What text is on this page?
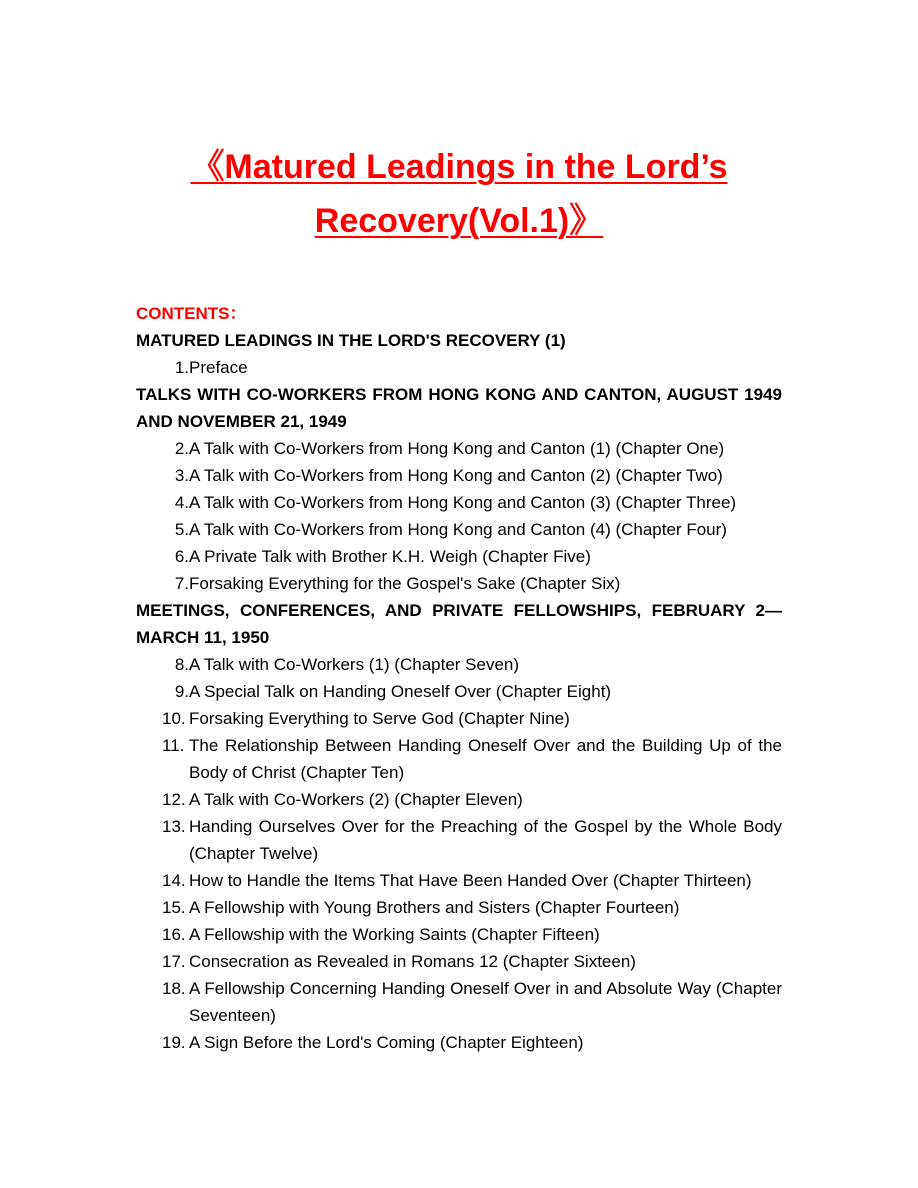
《Matured Leadings in the Lord’s
Recovery(Vol.1)》
CONTENTS：
MATURED LEADINGS IN THE LORD'S RECOVERY (1)
1. Preface
TALKS WITH CO-WORKERS FROM HONG KONG AND CANTON, AUGUST 1949 AND NOVEMBER 21, 1949
2. A Talk with Co-Workers from Hong Kong and Canton (1) (Chapter One)
3. A Talk with Co-Workers from Hong Kong and Canton (2) (Chapter Two)
4. A Talk with Co-Workers from Hong Kong and Canton (3) (Chapter Three)
5. A Talk with Co-Workers from Hong Kong and Canton (4) (Chapter Four)
6. A Private Talk with Brother K.H. Weigh (Chapter Five)
7. Forsaking Everything for the Gospel's Sake (Chapter Six)
MEETINGS, CONFERENCES, AND PRIVATE FELLOWSHIPS, FEBRUARY 2—MARCH 11, 1950
8. A Talk with Co-Workers (1) (Chapter Seven)
9. A Special Talk on Handing Oneself Over (Chapter Eight)
10. Forsaking Everything to Serve God (Chapter Nine)
11. The Relationship Between Handing Oneself Over and the Building Up of the Body of Christ (Chapter Ten)
12. A Talk with Co-Workers (2) (Chapter Eleven)
13. Handing Ourselves Over for the Preaching of the Gospel by the Whole Body (Chapter Twelve)
14. How to Handle the Items That Have Been Handed Over (Chapter Thirteen)
15. A Fellowship with Young Brothers and Sisters (Chapter Fourteen)
16. A Fellowship with the Working Saints (Chapter Fifteen)
17. Consecration as Revealed in Romans 12 (Chapter Sixteen)
18. A Fellowship Concerning Handing Oneself Over in and Absolute Way (Chapter Seventeen)
19. A Sign Before the Lord's Coming (Chapter Eighteen)
